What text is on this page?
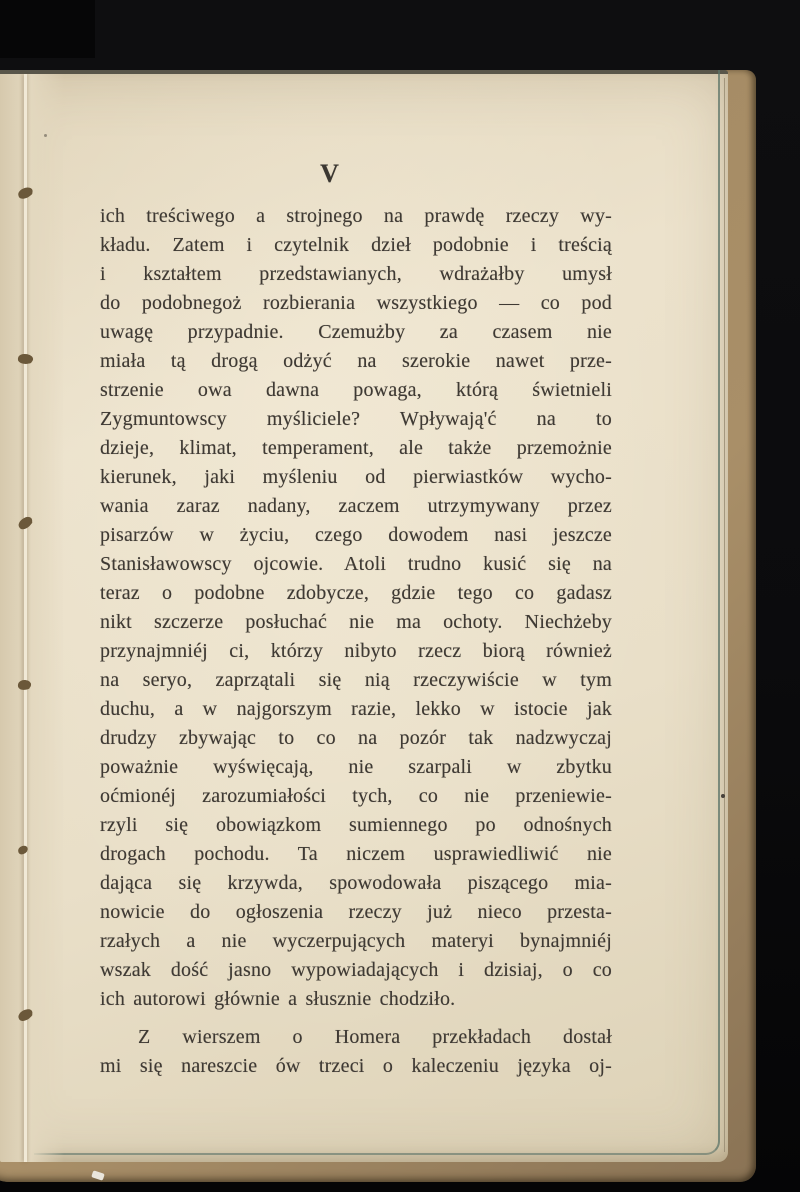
V
ich treściwego a strojnego na prawdę rzeczy wy-
kładu. Zatem i czytelnik dzieł podobnie i treścią
i kształtem przedstawianych, wdrażałby umysł
do podobnegoż rozbierania wszystkiego — co pod
uwagę przypadnie. Czemużby za czasem nie
miała tą drogą odżyć na szerokie nawet prze-
strzenie owa dawna powaga, którą świetnieli
Zygmuntowscy myśliciele? Wpływają'ć na to
dzieje, klimat, temperament, ale także przemożnie
kierunek, jaki myśleniu od pierwiastków wycho-
wania zaraz nadany, zaczem utrzymywany przez
pisarzów w życiu, czego dowodem nasi jeszcze
Stanisławowscy ojcowie. Atoli trudno kusić się na
teraz o podobne zdobycze, gdzie tego co gadasz
nikt szczerze posłuchać nie ma ochoty. Niechżeby
przynajmniéj ci, którzy nibyto rzecz biorą również
na seryo, zaprzątali się nią rzeczywiście w tym
duchu, a w najgorszym razie, lekko w istocie jak
drudzy zbywając to co na pozór tak nadzwyczaj
poważnie wyświęcają, nie szarpali w zbytku
oćmionéj zarozumiałości tych, co nie przeniewie-
rzyli się obowiązkom sumiennego po odnośnych
drogach pochodu. Ta niczem usprawiedliwić nie
dająca się krzywda, spowodowała piszącego mia-
nowicie do ogłoszenia rzeczy już nieco przesta-
rzałych a nie wyczerpujących materyi bynajmniéj
wszak dość jasno wypowiadających i dzisiaj, o co
ich autorowi głównie a słusznie chodziło.
Z wierszem o Homera przekładach dostał
mi się nareszcie ów trzeci o kaleczeniu języka oj-
